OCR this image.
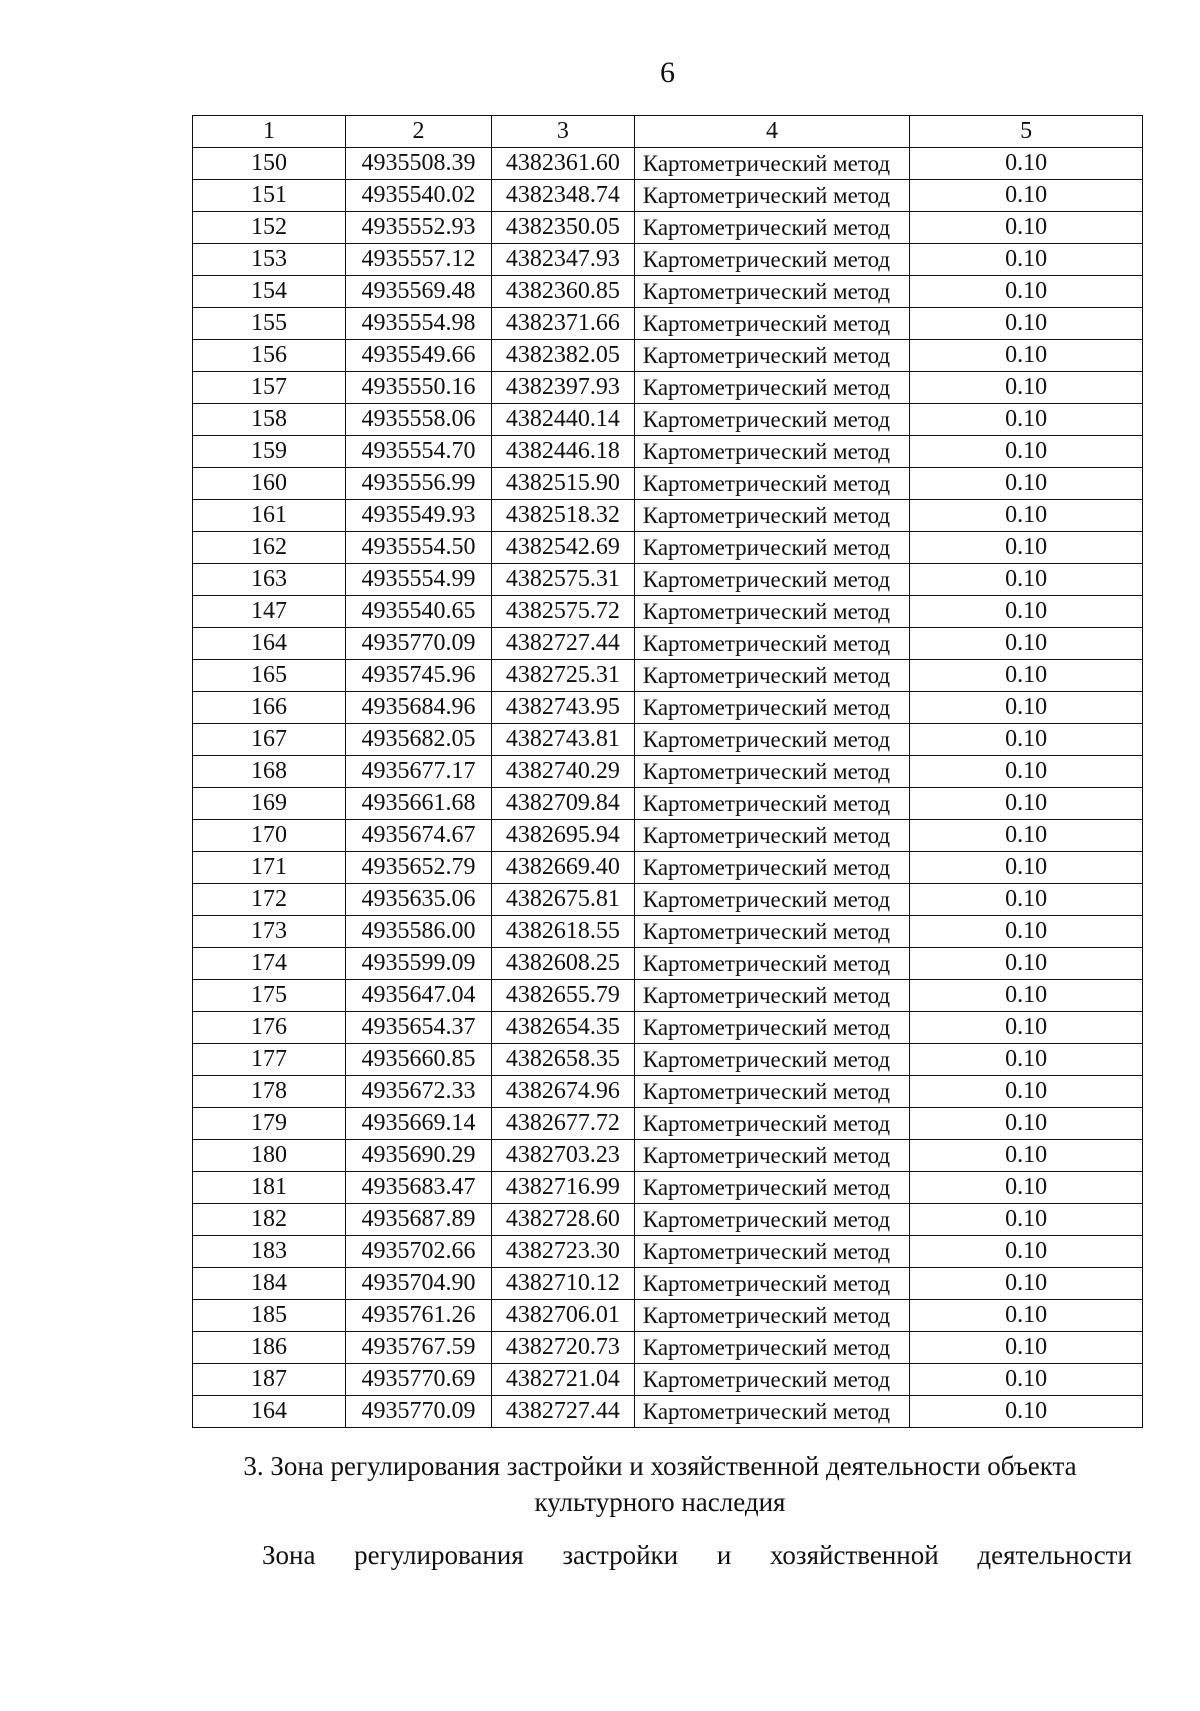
6
1	2	3	4	5
150	4935508.39	4382361.60	Картометрический метод	0.10
151	4935540.02	4382348.74	Картометрический метод	0.10
152	4935552.93	4382350.05	Картометрический метод	0.10
153	4935557.12	4382347.93	Картометрический метод	0.10
154	4935569.48	4382360.85	Картометрический метод	0.10
155	4935554.98	4382371.66	Картометрический метод	0.10
156	4935549.66	4382382.05	Картометрический метод	0.10
157	4935550.16	4382397.93	Картометрический метод	0.10
158	4935558.06	4382440.14	Картометрический метод	0.10
159	4935554.70	4382446.18	Картометрический метод	0.10
160	4935556.99	4382515.90	Картометрический метод	0.10
161	4935549.93	4382518.32	Картометрический метод	0.10
162	4935554.50	4382542.69	Картометрический метод	0.10
163	4935554.99	4382575.31	Картометрический метод	0.10
147	4935540.65	4382575.72	Картометрический метод	0.10
164	4935770.09	4382727.44	Картометрический метод	0.10
165	4935745.96	4382725.31	Картометрический метод	0.10
166	4935684.96	4382743.95	Картометрический метод	0.10
167	4935682.05	4382743.81	Картометрический метод	0.10
168	4935677.17	4382740.29	Картометрический метод	0.10
169	4935661.68	4382709.84	Картометрический метод	0.10
170	4935674.67	4382695.94	Картометрический метод	0.10
171	4935652.79	4382669.40	Картометрический метод	0.10
172	4935635.06	4382675.81	Картометрический метод	0.10
173	4935586.00	4382618.55	Картометрический метод	0.10
174	4935599.09	4382608.25	Картометрический метод	0.10
175	4935647.04	4382655.79	Картометрический метод	0.10
176	4935654.37	4382654.35	Картометрический метод	0.10
177	4935660.85	4382658.35	Картометрический метод	0.10
178	4935672.33	4382674.96	Картометрический метод	0.10
179	4935669.14	4382677.72	Картометрический метод	0.10
180	4935690.29	4382703.23	Картометрический метод	0.10
181	4935683.47	4382716.99	Картометрический метод	0.10
182	4935687.89	4382728.60	Картометрический метод	0.10
183	4935702.66	4382723.30	Картометрический метод	0.10
184	4935704.90	4382710.12	Картометрический метод	0.10
185	4935761.26	4382706.01	Картометрический метод	0.10
186	4935767.59	4382720.73	Картометрический метод	0.10
187	4935770.69	4382721.04	Картометрический метод	0.10
164	4935770.09	4382727.44	Картометрический метод	0.10
3. Зона регулирования застройки и хозяйственной деятельности объекта
культурного наследия
Зона регулирования застройки и хозяйственной деятельности
